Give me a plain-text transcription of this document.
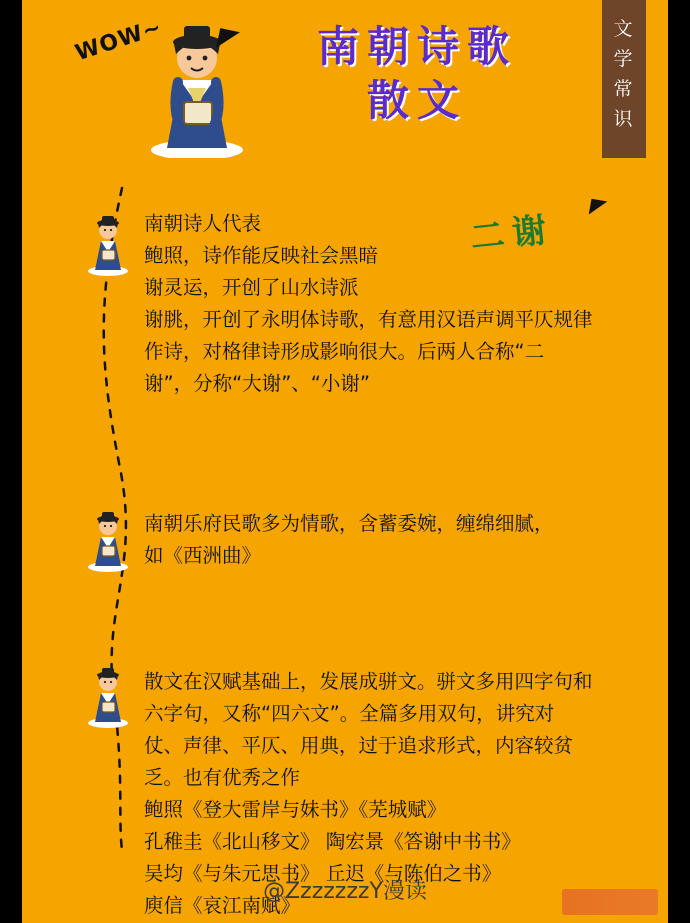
WOW~	南朝诗歌
散文
文
学
常
识
二谢

南朝诗人代表

鲍照，诗作能反映社会黑暗

谢灵运，开创了山水诗派

谢朓，开创了永明体诗歌，有意用汉语声调平仄规律

作诗，对格律诗形成影响很大。后两人合称“二

谢”，分称“大谢”、“小谢”

南朝乐府民歌多为情歌，含蓄委婉，缠绵细腻，

如《西洲曲》

散文在汉赋基础上，发展成骈文。骈文多用四字句和

六字句，又称“四六文”。全篇多用双句，讲究对

仗、声律、平仄、用典，过于追求形式，内容较贫

乏。也有优秀之作

鲍照《登大雷岸与妹书》《芜城赋》

孔稚圭《北山移文》 陶宏景《答谢中书书》

吴均《与朱元思书》 丘迟《与陈伯之书》

庾信《哀江南赋》

@ZzzzzzzY漫读
